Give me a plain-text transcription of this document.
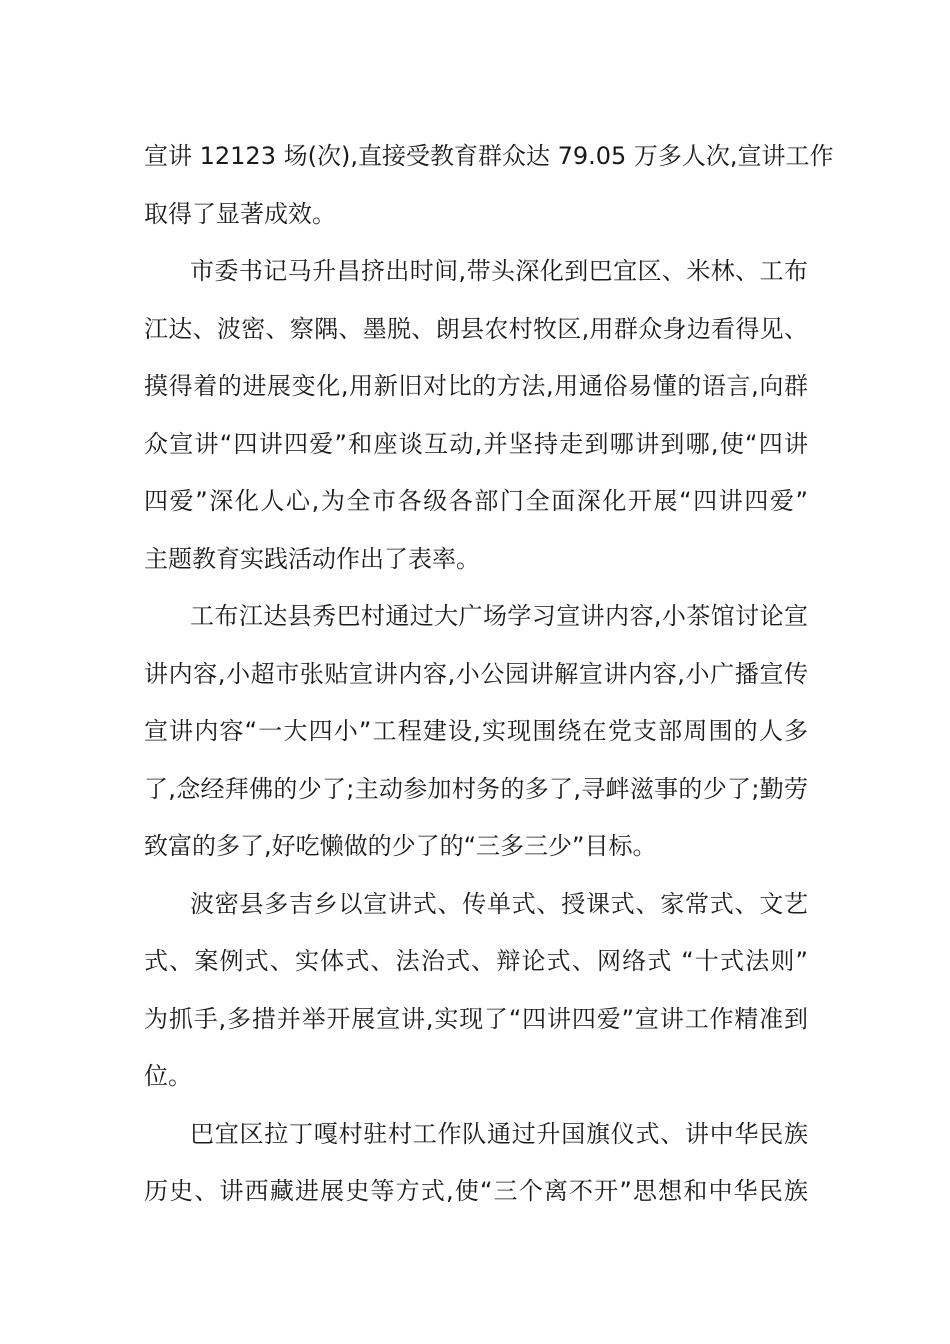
宣讲 12123 场(次),直接受教育群众达 79.05 万多人次,宣讲工作
取得了显著成效。
市委书记马升昌挤出时间,带头深化到巴宜区、米林、工布
江达、波密、察隅、墨脱、朗县农村牧区,用群众身边看得见、
摸得着的进展变化,用新旧对比的方法,用通俗易懂的语言,向群
众宣讲“四讲四爱”和座谈互动,并坚持走到哪讲到哪,使“四讲
四爱”深化人心,为全市各级各部门全面深化开展“四讲四爱”
主题教育实践活动作出了表率。
工布江达县秀巴村通过大广场学习宣讲内容,小茶馆讨论宣
讲内容,小超市张贴宣讲内容,小公园讲解宣讲内容,小广播宣传
宣讲内容“一大四小”工程建设,实现围绕在党支部周围的人多
了,念经拜佛的少了;主动参加村务的多了,寻衅滋事的少了;勤劳
致富的多了,好吃懒做的少了的“三多三少”目标。
波密县多吉乡以宣讲式、传单式、授课式、家常式、文艺
式、案例式、实体式、法治式、辩论式、网络式 “十式法则”
为抓手,多措并举开展宣讲,实现了“四讲四爱”宣讲工作精准到
位。
巴宜区拉丁嘎村驻村工作队通过升国旗仪式、讲中华民族
历史、讲西藏进展史等方式,使“三个离不开”思想和中华民族
